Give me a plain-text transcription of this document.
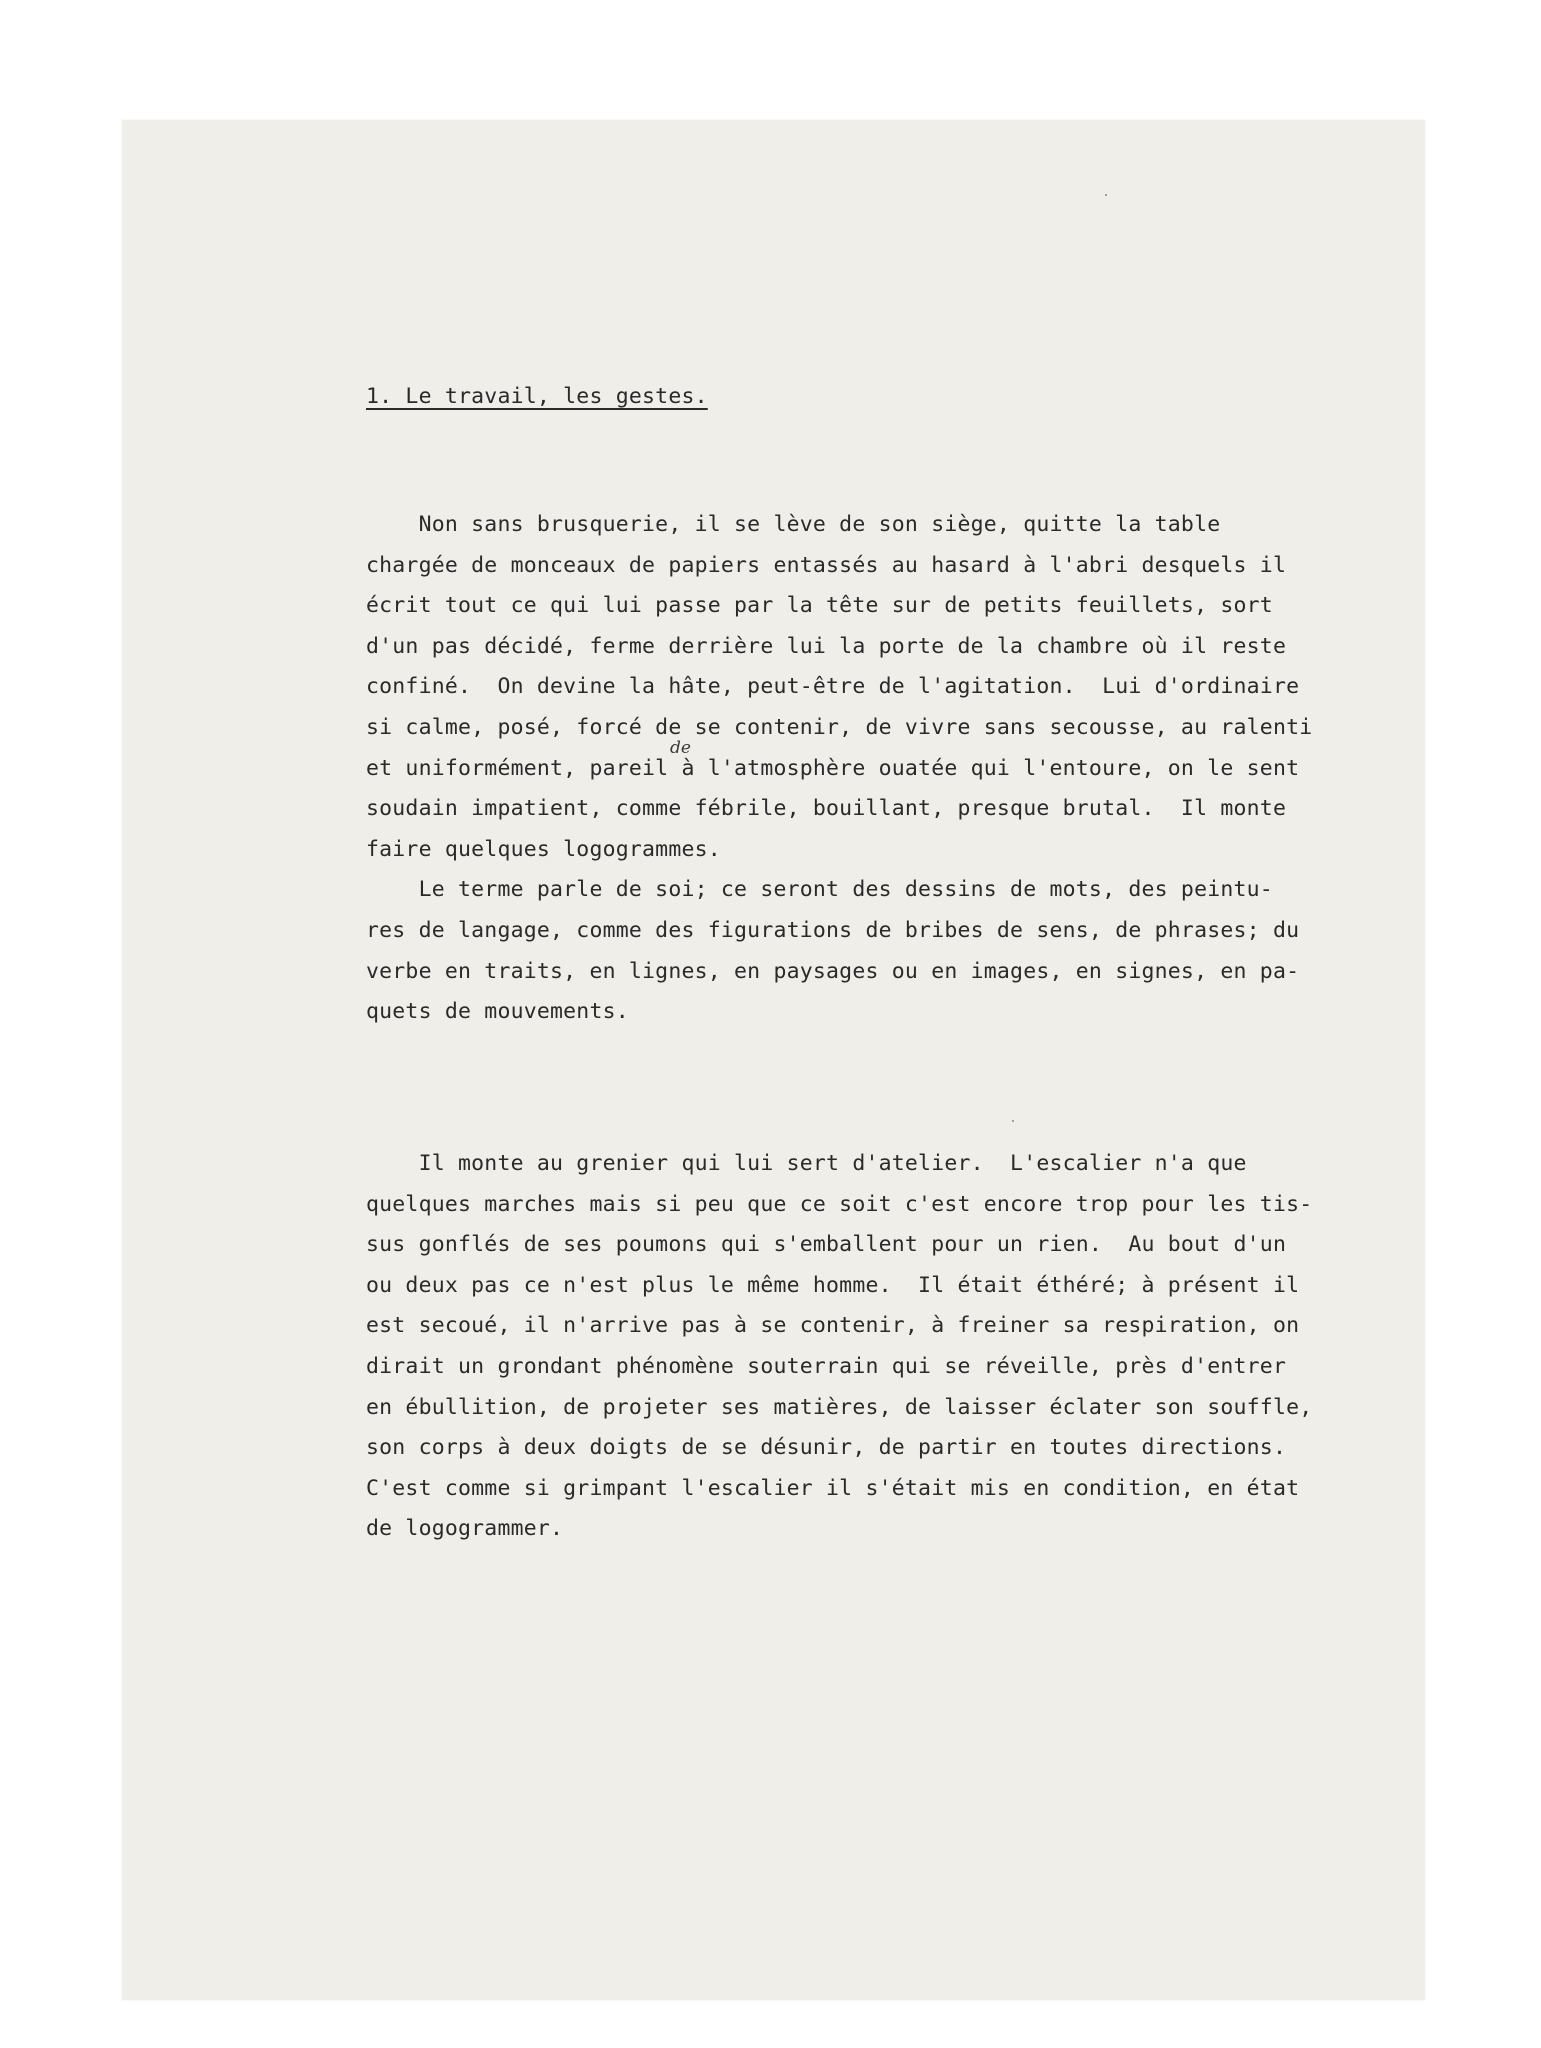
1. Le travail, les gestes.
Non sans brusquerie, il se lève de son siège, quitte la table
chargée de monceaux de papiers entassés au hasard à l'abri desquels il
écrit tout ce qui lui passe par la tête sur de petits feuillets, sort
d'un pas décidé, ferme derrière lui la porte de la chambre où il reste
confiné.  On devine la hâte, peut-être de l'agitation.  Lui d'ordinaire
si calme, posé, forcé de se contenir, de vivre sans secousse, au ralenti
et uniformément, pareil à l'atmosphère ouatée qui l'entoure, on le sent
soudain impatient, comme fébrile, bouillant, presque brutal.  Il monte
faire quelques logogrammes.
Le terme parle de soi; ce seront des dessins de mots, des peintu-
res de langage, comme des figurations de bribes de sens, de phrases; du
verbe en traits, en lignes, en paysages ou en images, en signes, en pa-
quets de mouvements.
Il monte au grenier qui lui sert d'atelier.  L'escalier n'a que
quelques marches mais si peu que ce soit c'est encore trop pour les tis-
sus gonflés de ses poumons qui s'emballent pour un rien.  Au bout d'un
ou deux pas ce n'est plus le même homme.  Il était éthéré; à présent il
est secoué, il n'arrive pas à se contenir, à freiner sa respiration, on
dirait un grondant phénomène souterrain qui se réveille, près d'entrer
en ébullition, de projeter ses matières, de laisser éclater son souffle,
son corps à deux doigts de se désunir, de partir en toutes directions.
C'est comme si grimpant l'escalier il s'était mis en condition, en état
de logogrammer.
de
